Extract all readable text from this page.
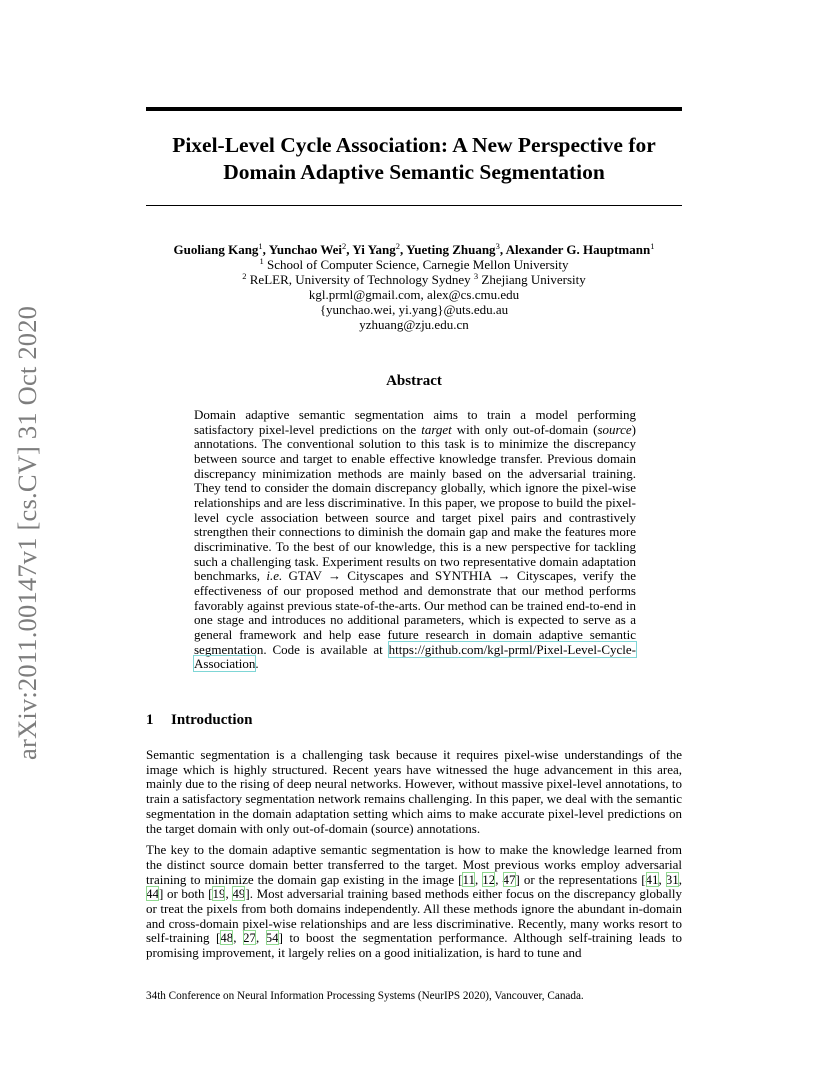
arXiv:2011.00147v1 [cs.CV] 31 Oct 2020
Pixel-Level Cycle Association: A New Perspective for
Domain Adaptive Semantic Segmentation
Guoliang Kang$^1$, Yunchao Wei$^2$, Yi Yang$^2$, Yueting Zhuang$^3$, Alexander G. Hauptmann$^1$
$^1$ School of Computer Science, Carnegie Mellon University
$^2$ ReLER, University of Technology Sydney $^3$ Zhejiang University
kgl.prml@gmail.com, alex@cs.cmu.edu
{yunchao.wei, yi.yang}@uts.edu.au
yzhuang@zju.edu.cn
Abstract
Domain adaptive semantic segmentation aims to train a model performing satisfactory pixel-level predictions on the target with only out-of-domain (source) annotations. The conventional solution to this task is to minimize the discrepancy between source and target to enable effective knowledge transfer. Previous domain discrepancy minimization methods are mainly based on the adversarial training. They tend to consider the domain discrepancy globally, which ignore the pixel-wise relationships and are less discriminative. In this paper, we propose to build the pixel-level cycle association between source and target pixel pairs and contrastively strengthen their connections to diminish the domain gap and make the features more discriminative. To the best of our knowledge, this is a new perspective for tackling such a challenging task. Experiment results on two representative domain adaptation benchmarks, i.e. GTAV → Cityscapes and SYNTHIA → Cityscapes, verify the effectiveness of our proposed method and demonstrate that our method performs favorably against previous state-of-the-arts. Our method can be trained end-to-end in one stage and introduces no additional parameters, which is expected to serve as a general framework and help ease future research in domain adaptive semantic segmentation. Code is available at https://github.com/kgl-prml/Pixel-Level-Cycle-Association.
1 Introduction

Semantic segmentation is a challenging task because it requires pixel-wise understandings of the image which is highly structured. Recent years have witnessed the huge advancement in this area, mainly due to the rising of deep neural networks. However, without massive pixel-level annotations, to train a satisfactory segmentation network remains challenging. In this paper, we deal with the semantic segmentation in the domain adaptation setting which aims to make accurate pixel-level predictions on the target domain with only out-of-domain (source) annotations.

The key to the domain adaptive semantic segmentation is how to make the knowledge learned from the distinct source domain better transferred to the target. Most previous works employ adversarial training to minimize the domain gap existing in the image [11, 12, 47] or the representations [41, 31, 44] or both [19, 49]. Most adversarial training based methods either focus on the discrepancy globally or treat the pixels from both domains independently. All these methods ignore the abundant in-domain and cross-domain pixel-wise relationships and are less discriminative. Recently, many works resort to self-training [48, 27, 54] to boost the segmentation performance. Although self-training leads to promising improvement, it largely relies on a good initialization, is hard to tune and

34th Conference on Neural Information Processing Systems (NeurIPS 2020), Vancouver, Canada.
